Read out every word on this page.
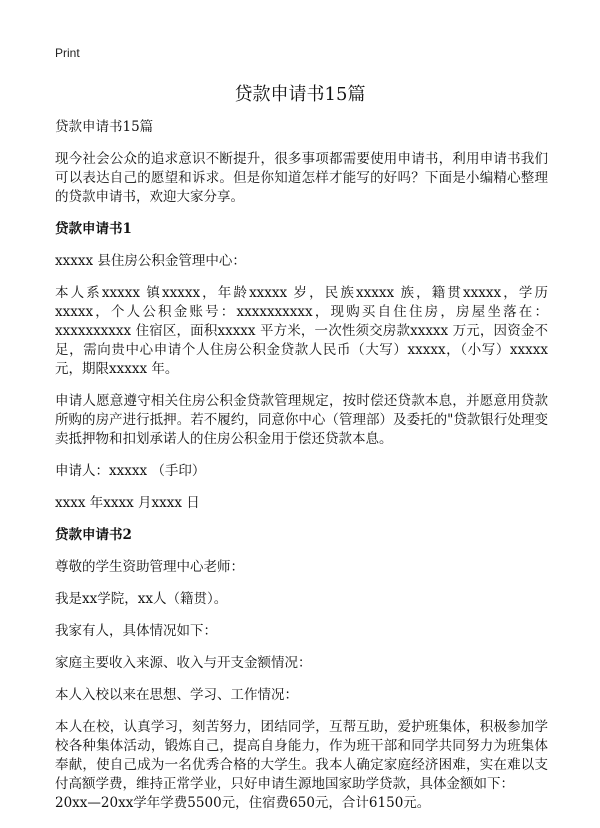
Print
贷款申请书15篇

贷款申请书15篇

现今社会公众的追求意识不断提升，很多事项都需要使用申请书，利用申请书我们可以表达自己的愿望和诉求。但是你知道怎样才能写的好吗？下面是小编精心整理的贷款申请书，欢迎大家分享。

贷款申请书1

xxxxx 县住房公积金管理中心：

本人系xxxxx 镇xxxxx，年龄xxxxx 岁，民族xxxxx 族，籍贯xxxxx，学历xxxxx，个人公积金账号：xxxxxxxxxx，现购买自住住房，房屋坐落在：xxxxxxxxxx 住宿区，面积xxxxx 平方米，一次性须交房款xxxxx 万元，因资金不足，需向贵中心申请个人住房公积金贷款人民币（大写）xxxxx，（小写）xxxxx 元，期限xxxxx 年。

申请人愿意遵守相关住房公积金贷款管理规定，按时偿还贷款本息，并愿意用贷款所购的房产进行抵押。若不履约，同意你中心（管理部）及委托的"贷款银行处理变卖抵押物和扣划承诺人的住房公积金用于偿还贷款本息。

申请人：xxxxx （手印）

xxxx 年xxxx 月xxxx 日

贷款申请书2

尊敬的学生资助管理中心老师：

我是xx学院，xx人（籍贯）。

我家有人，具体情况如下：

家庭主要收入来源、收入与开支金额情况：

本人入校以来在思想、学习、工作情况：

本人在校，认真学习，刻苦努力，团结同学，互帮互助，爱护班集体，积极参加学校各种集体活动，锻炼自己，提高自身能力，作为班干部和同学共同努力为班集体奉献，使自己成为一名优秀合格的大学生。我本人确定家庭经济困难，实在难以支付高额学费，维持正常学业，只好申请生源地国家助学贷款，具体金额如下：

20xx—20xx学年学费5500元，住宿费650元，合计6150元。
